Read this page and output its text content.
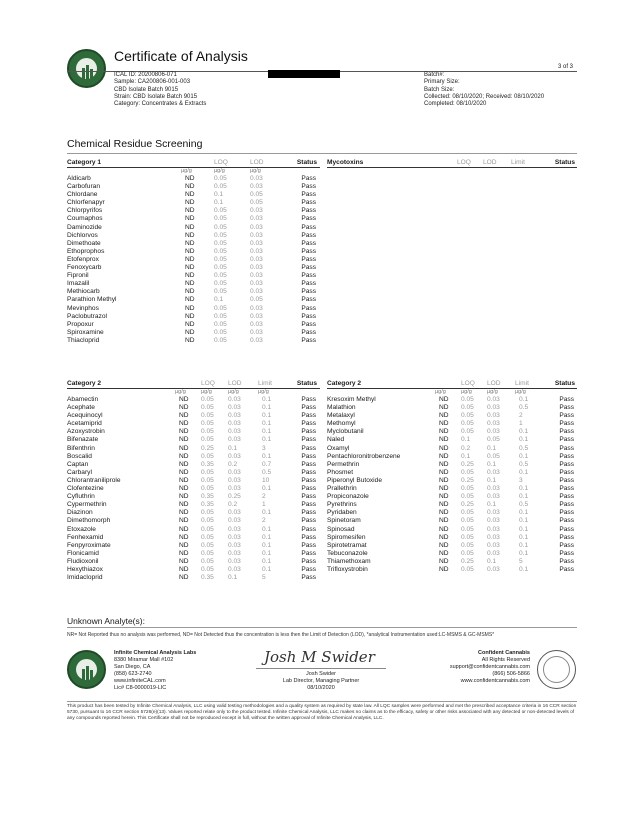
Certificate of Analysis
3 of 3
ICAL ID: 20200806-071
Sample: CA200806-001-003
CBD Isolate Batch 9015
Strain: CBD Isolate Batch 9015
Category: Concentrates & Extracts
Batch#:
Primary Size:
Batch Size:
Collected: 08/10/2020; Received: 08/10/2020
Completed: 08/10/2020
Chemical Residue Screening
Category 1	LOQ	LOD	Status
µg/g	µg/g	µg/g
Aldicarb	ND	0.05	0.03	Pass
Carbofuran	ND	0.05	0.03	Pass
Chlordane	ND	0.1	0.05	Pass
Chlorfenapyr	ND	0.1	0.05	Pass
Chlorpyrifos	ND	0.05	0.03	Pass
Coumaphos	ND	0.05	0.03	Pass
Daminozide	ND	0.05	0.03	Pass
Dichlorvos	ND	0.05	0.03	Pass
Dimethoate	ND	0.05	0.03	Pass
Ethoprophos	ND	0.05	0.03	Pass
Etofenprox	ND	0.05	0.03	Pass
Fenoxycarb	ND	0.05	0.03	Pass
Fipronil	ND	0.05	0.03	Pass
Imazalil	ND	0.05	0.03	Pass
Methiocarb	ND	0.05	0.03	Pass
Parathion Methyl	ND	0.1	0.05	Pass
Mevinphos	ND	0.05	0.03	Pass
Paclobutrazol	ND	0.05	0.03	Pass
Propoxur	ND	0.05	0.03	Pass
Spiroxamine	ND	0.05	0.03	Pass
Thiacloprid	ND	0.05	0.03	Pass
Mycotoxins	LOQ LOD Limit	Status
Category 2	LOQ LOD Limit	Status
µg/g	µg/g	µg/g	µg/g
Abamectin	ND 0.05 0.03	0.1	Pass
Acephate	ND 0.05 0.03	0.1	Pass
Acequinocyl	ND 0.05 0.03	0.1	Pass
Acetamiprid	ND 0.05 0.03	0.1	Pass
Azoxystrobin	ND 0.05 0.03	0.1	Pass
Bifenazate	ND 0.05 0.03	0.1	Pass
Bifenthrin	ND 0.25 0.1	3	Pass
Boscalid	ND 0.05 0.03	0.1	Pass
Captan	ND 0.35 0.2	0.7	Pass
Carbaryl	ND 0.05 0.03	0.5	Pass
Chlorantraniliprole	ND 0.05 0.03	10	Pass
Clofentezine	ND 0.05 0.03	0.1	Pass
Cyfluthrin	ND 0.35 0.25	2	Pass
Cypermethrin	ND 0.35 0.2	1	Pass
Diazinon	ND 0.05 0.03	0.1	Pass
Dimethomorph	ND 0.05 0.03	2	Pass
Etoxazole	ND 0.05 0.03	0.1	Pass
Fenhexamid	ND 0.05 0.03	0.1	Pass
Fenpyroximate	ND 0.05 0.03	0.1	Pass
Flonicamid	ND 0.05 0.03	0.1	Pass
Fludioxonil	ND 0.05 0.03	0.1	Pass
Hexythiazox	ND 0.05 0.03	0.1	Pass
Imidacloprid	ND 0.35 0.1	5	Pass
Category 2	LOQ LOD Limit	Status
µg/g	µg/g	µg/g	µg/g
Kresoxim Methyl	ND 0.05 0.03	0.1	Pass
Malathion	ND 0.05 0.03	0.5	Pass
Metalaxyl	ND 0.05 0.03	2	Pass
Methomyl	ND 0.05 0.03	1	Pass
Myclobutanil	ND 0.05 0.03	0.1	Pass
Naled	ND 0.1	0.05	0.1	Pass
Oxamyl	ND 0.2	0.1	0.5	Pass
Pentachloronitrobenzene	ND 0.1	0.05	0.1	Pass
Permethrin	ND 0.25 0.1	0.5	Pass
Phosmet	ND 0.05 0.03	0.1	Pass
Piperonyl Butoxide	ND 0.25 0.1	3	Pass
Prallethrin	ND 0.05 0.03	0.1	Pass
Propiconazole	ND 0.05 0.03	0.1	Pass
Pyrethrins	ND 0.25 0.1	0.5	Pass
Pyridaben	ND 0.05 0.03	0.1	Pass
Spinetoram	ND 0.05 0.03	0.1	Pass
Spinosad	ND 0.05 0.03	0.1	Pass
Spiromesifen	ND 0.05 0.03	0.1	Pass
Spirotetramat	ND 0.05 0.03	0.1	Pass
Tebuconazole	ND 0.05 0.03	0.1	Pass
Thiamethoxam	ND 0.25 0.1	5	Pass
Trifloxystrobin	ND 0.05 0.03	0.1	Pass
Unknown Analyte(s):
NR= Not Reported thus no analysis was performed, ND= Not Detected thus the concentration is less then the Limit of Detection (LOD), *analytical Instrumentation used:LC-MSMS & GC-MSMS*
Infinite Chemical Analysis Labs
8380 Miramar Mall #102
San Diego, CA
(858) 623-2740
www.infiniteCAL.com
Lic# C8-0000019-LIC
Josh M Swider
Josh Swider
Lab Director, Managing Partner
08/10/2020
Confident Cannabis
All Rights Reserved
support@confidentcannabis.com
(866) 506-5866
www.confidentcannabis.com
This product has been tested by Infinite Chemical Analysis, LLC using valid testing methodologies and a quality system as required by state law. All LQC samples were performed and met the prescribed acceptance criteria in 16 CCR section 5730, pursuant to 16 CCR section 5726(e)(13). Values reported relate only to the product tested. Infinite Chemical Analysis, LLC makes no claims as to the efficacy, safety or other risks associated with any detected or non-detected levels of any compounds reported herein. This Certificate shall not be reproduced except in full, without the written approval of Infinite Chemical Analysis, LLC.
